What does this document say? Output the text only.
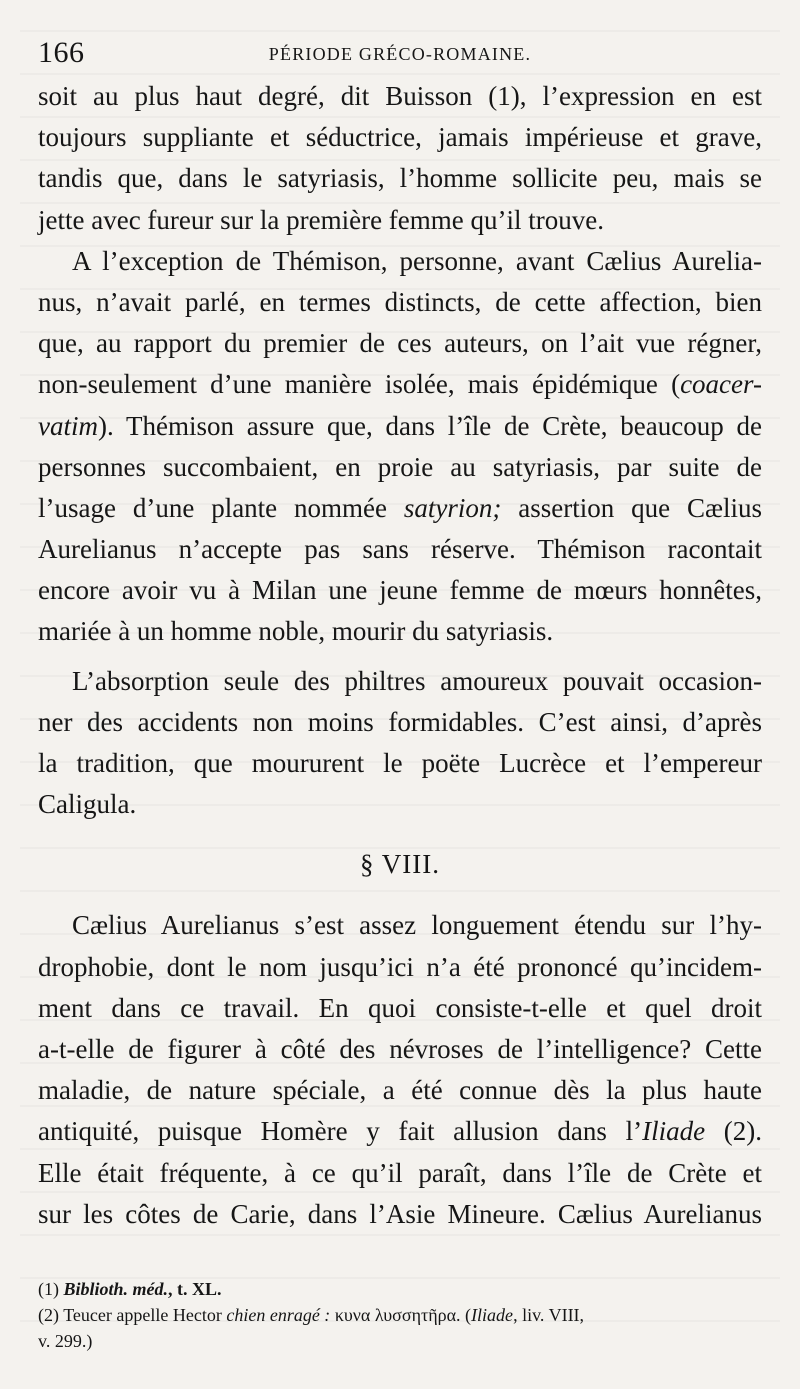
166	PÉRIODE GRÉCO-ROMAINE.
soit au plus haut degré, dit Buisson (1), l’expression en est
toujours suppliante et séductrice, jamais impérieuse et grave,
tandis que, dans le satyriasis, l’homme sollicite peu, mais se
jette avec fureur sur la première femme qu’il trouve.
A l’exception de Thémison, personne, avant Cælius Aurelia-
nus, n’avait parlé, en termes distincts, de cette affection, bien
que, au rapport du premier de ces auteurs, on l’ait vue régner,
non-seulement d’une manière isolée, mais épidémique (coacer-
vatim). Thémison assure que, dans l’île de Crète, beaucoup de
personnes succombaient, en proie au satyriasis, par suite de
l’usage d’une plante nommée satyrion; assertion que Cælius
Aurelianus n’accepte pas sans réserve. Thémison racontait
encore avoir vu à Milan une jeune femme de mœurs honnêtes,
mariée à un homme noble, mourir du satyriasis.
L’absorption seule des philtres amoureux pouvait occasion-
ner des accidents non moins formidables. C’est ainsi, d’après
la tradition, que moururent le poëte Lucrèce et l’empereur
Caligula.
§ VIII.
Cælius Aurelianus s’est assez longuement étendu sur l’hy-
drophobie, dont le nom jusqu’ici n’a été prononcé qu’incidem-
ment dans ce travail. En quoi consiste-t-elle et quel droit
a-t-elle de figurer à côté des névroses de l’intelligence? Cette
maladie, de nature spéciale, a été connue dès la plus haute
antiquité, puisque Homère y fait allusion dans l’Iliade (2).
Elle était fréquente, à ce qu’il paraît, dans l’île de Crète et
sur les côtes de Carie, dans l’Asie Mineure. Cælius Aurelianus
(1) Biblioth. méd., t. XL.
(2) Teucer appelle Hector chien enragé : κυνα λυσσητῆρα. (Iliade, liv. VIII,
v. 299.)
